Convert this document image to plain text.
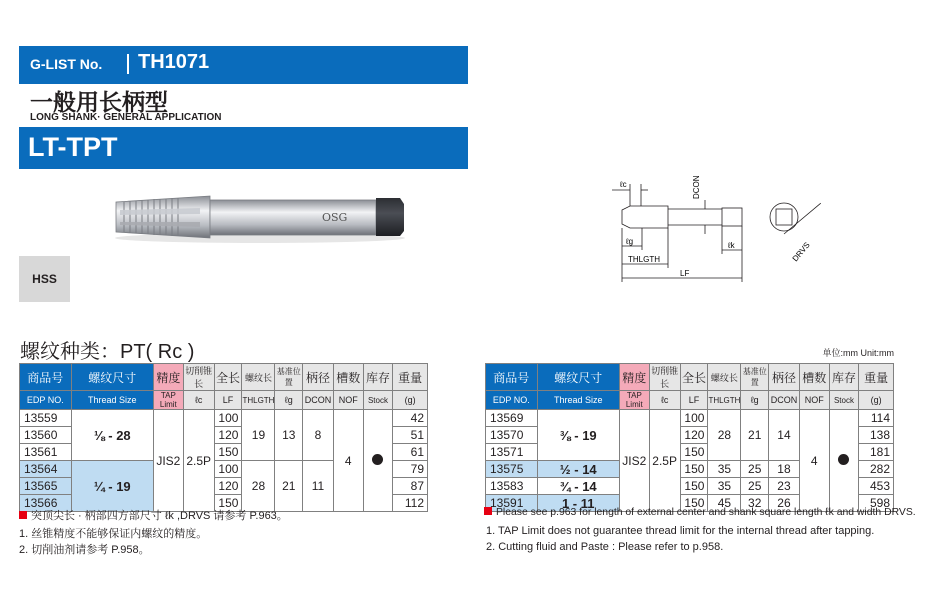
G-LIST No. TH1071
一般用长柄型
LONG SHANK· GENERAL APPLICATION
LT-TPT
OSG
HSS
ℓc	DCON
ℓg
THLGTH
ℓk
LF
DRVS
螺纹种类：PT( Rc )	单位:mm Unit:mm
商品号	螺纹尺寸	精度	切削锥长	全长	螺纹长	基准位置	柄径	槽数	库存	重量
EDP NO.	Thread Size	TAP Limit	ℓc	LF	THLGTH	ℓg	DCON	NOF	Stock	(g)
13559	⅛ - 28	JIS2	2.5P	100	19	13	8	4		42
13560				120						51
13561				150						61
13564	¼ - 19			100	28	21	11			79
13565				120						87
13566				150						112
商品号	螺纹尺寸	精度	切削锥长	全长	螺纹长	基准位置	柄径	槽数	库存	重量
EDP NO.	Thread Size	TAP Limit	ℓc	LF	THLGTH	ℓg	DCON	NOF	Stock	(g)
13569	⅜ - 19	JIS2	2.5P	100	28	21	14	4		114
13570				120						138
13571				150						181
13575	½ - 14			150	35	25	18			282
13583	¾ - 14			150	35	25	23			453
13591	1 - 11			150	45	32	26			598
突顶尖长 · 柄部四方部尺寸 ℓk ,DRVS 请参考 P.963。
1. 丝锥精度不能够保证内螺纹的精度。
2. 切削油剂请参考 P.958。
Please see p.963 for length of external center and shank square length ℓk and width DRVS.
1. TAP Limit does not guarantee thread limit for the internal thread after tapping.
2. Cutting fluid and Paste : Please refer to p.958.
